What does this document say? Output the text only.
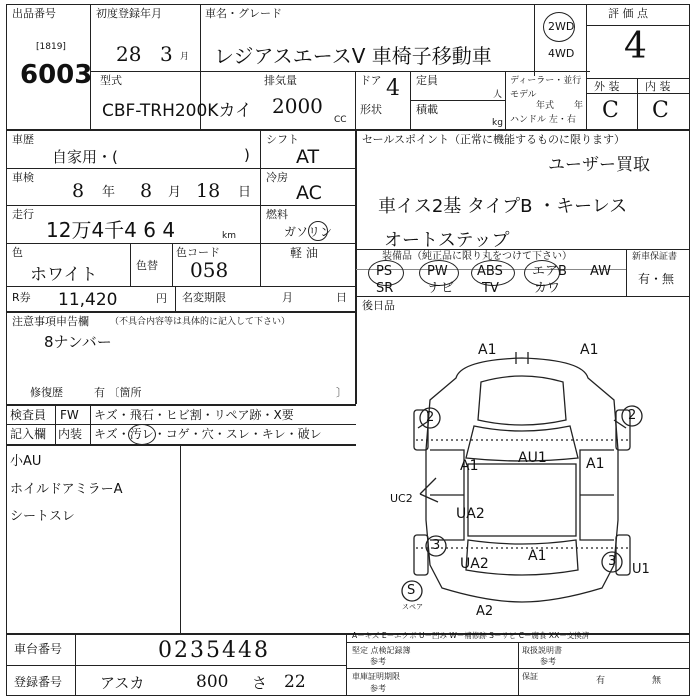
出品番号
[1819]
6003
初度登録年月
28 3 月
車名・グレード
レジアスエースV 車椅子移動車
2WD
4WD
評 価 点
4
外 装 内 装
C C
型式
CBF-TRH200Kカイ
排気量
2000
CC
ドア 4
形状
定員
人
積載
kg
ディーラー・並行
モデル
年式 年
ハンドル 左・右
車歴
自家用・(	)
シフト
AT
車検
8 年 8 月 18 日
冷房
AC
走行
12万4千4 6 4	km
燃料
ガソリン
軽 油
色
ホワイト	色替
色コード
058
R券 11,420	円 名変期限	月	日
注意事項申告欄 （不具合内容等は具体的に記入して下さい）
8ナンバー
修復歴	有 〔箇所	〕
セールスポイント（正常に機能するものに限ります）
ユーザー買取
車イス2基 タイプB ・キーレス
オートステップ
装備品（純正品に限り丸をつけて下さい）
PS	PW ABS エアB AW
SR	ナビ TV	カワ
新車保証書
有・無
後日品
検査員
記入欄
FW キズ・飛石・ヒビ割・リペア跡・X要
内装 キズ・汚レ・コゲ・穴・スレ・キレ・破レ
小AU
ホイルドアミラーA
シートスレ
A1	A1
2	2
AU1
A1	A1
UC2
UA2
3
3
A1
UA2	U1
S
スペア	A2
A－キズ E－エクボ U－凹み W－補修跡 S－サビ C－腐食 XX－交換済
車台番号	0235448
登録番号	アスカ	800 さ 22
堅定 点検記録簿
参考
取扱説明書
参考
車庫証明期限
参考
保証	有	無
